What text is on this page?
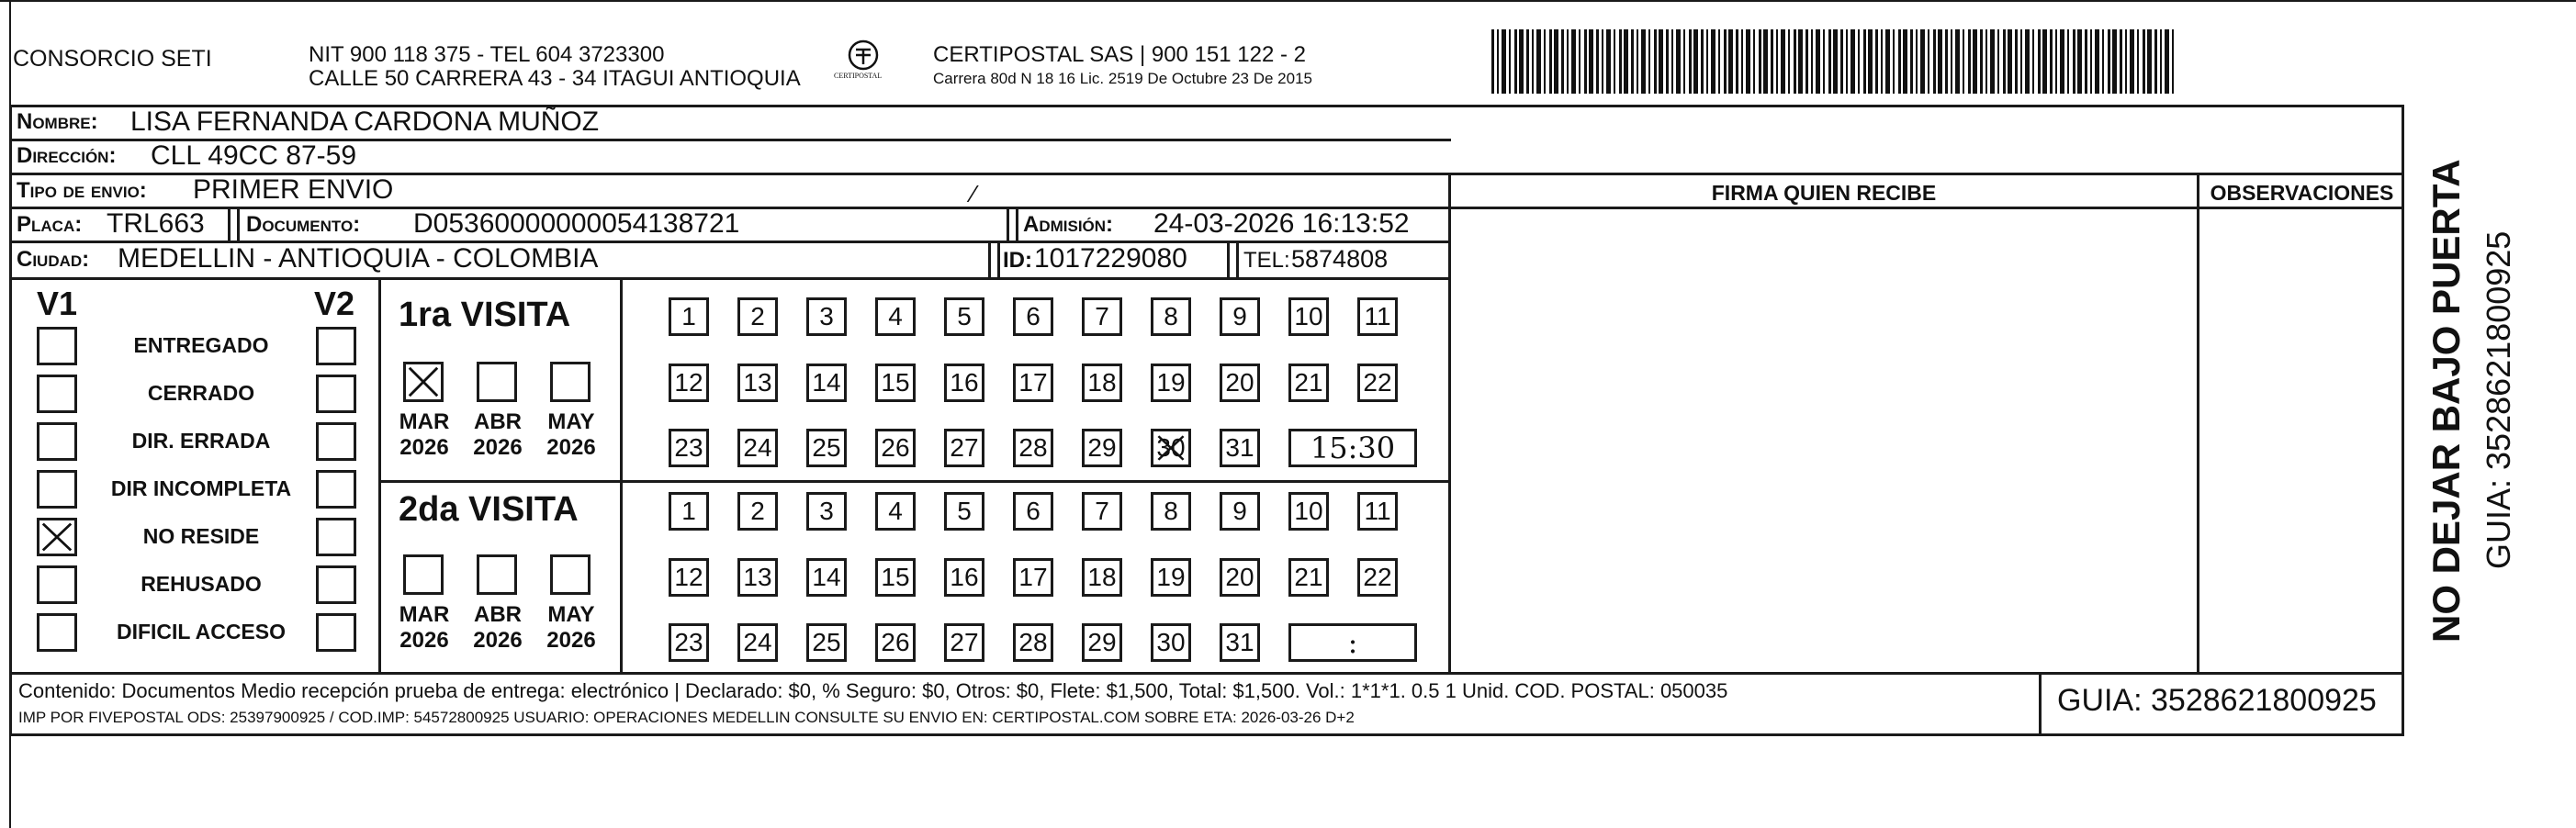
CONSORCIO SETI	NIT 900 118 375 - TEL 604 3723300
CALLE 50 CARRERA 43 - 34 ITAGUI ANTIOQUIA	CERTIPOSTAL
CERTIPOSTAL SAS | 900 151 122 - 2
Carrera 80d N 18 16 Lic. 2519 De Octubre 23 De 2015
Nombre: LISA FERNANDA CARDONA MUÑOZ
Dirección: CLL 49CC 87-59
Tipo de envio: PRIMER ENVIO	⁄	FIRMA QUIEN RECIBE	OBSERVACIONES
Placa: TRL663 Documento: D05360000000054138721	Admisión: 24-03-2026 16:13:52
Ciudad: MEDELLIN - ANTIOQUIA - COLOMBIA	ID: 1017229080	TEL: 5874808
V1	V2 1ra VISITA
2da VISITA
Contenido: Documentos Medio recepción prueba de entrega: electrónico | Declarado: $0, % Seguro: $0, Otros: $0, Flete: $1,500, Total: $1,500. Vol.: 1*1*1. 0.5 1 Unid. COD. POSTAL: 050035
IMP POR FIVEPOSTAL ODS: 25397900925 / COD.IMP: 54572800925 USUARIO: OPERACIONES MEDELLIN CONSULTE SU ENVIO EN: CERTIPOSTAL.COM SOBRE ETA: 2026-03-26 D+2	GUIA: 3528621800925
NO DEJAR BAJO PUERTA GUIA: 3528621800925
ENTREGADO
CERRADO
DIR. ERRADA
DIR INCOMPLETA
NO RESIDE
REHUSADO
DIFICIL ACCESO
MAR
2026
ABR
2026
MAY
2026
MAR
2026
ABR
2026
MAY
2026
1	2	3	4	5	6	7	8	9	10 11
12 13 14 15 16 17 18 19 20 21 22
23 24 25 26 27 28 29 30 31	15:30
1	2	3	4	5	6	7	8	9	10 11
12 13 14 15 16 17 18 19 20 21 22
23 24 25 26 27 28 29 30 31	:
